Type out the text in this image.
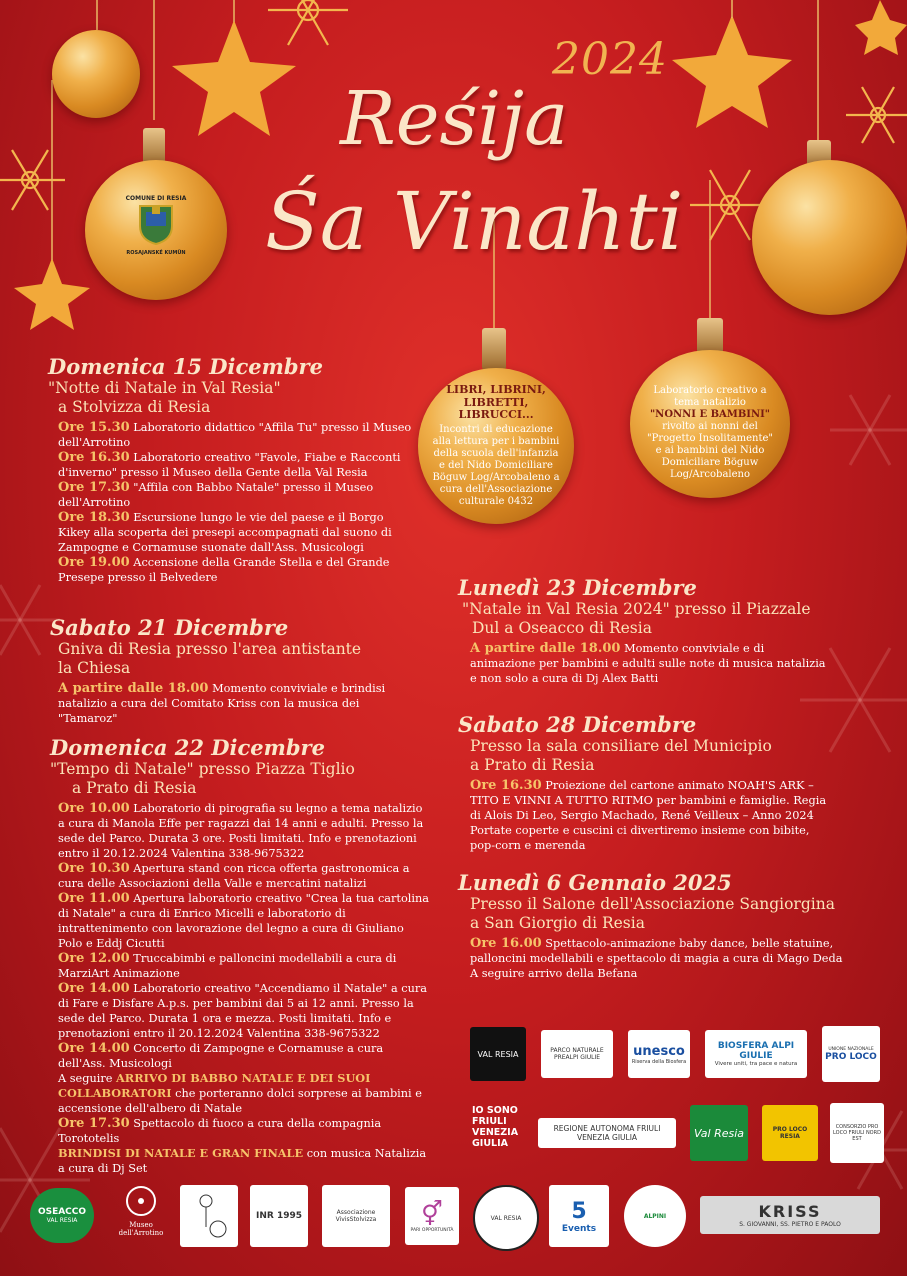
COMUNE DI RESIA
ROSAJANSKÉ KUMÜN
2024
Reśija
Śa Vinahti
LIBRI, LIBRINI, LIBRETTI, LIBRUCCI...
Incontri di educazione alla lettura per i bambini della scuola dell'infanzia e del Nido Domiciliare Böguw Log/Arcobaleno a cura dell'Associazione culturale 0432
Laboratorio creativo a tema natalizio
"NONNI E BAMBINI"
rivolto ai nonni del "Progetto Insolitamente" e ai bambini del Nido Domiciliare Böguw Log/Arcobaleno

Domenica 15 Dicembre

"Notte di Natale in Val Resia"

a Stolvizza di Resia

Ore 15.30 Laboratorio didattico "Affila Tu" presso il Museo dell'Arrotino

Ore 16.30 Laboratorio creativo "Favole, Fiabe e Racconti d'inverno" presso il Museo della Gente della Val Resia

Ore 17.30 "Affila con Babbo Natale" presso il Museo dell'Arrotino

Ore 18.30 Escursione lungo le vie del paese e il Borgo Kikey alla scoperta dei presepi accompagnati dal suono di Zampogne e Cornamuse suonate dall'Ass. Musicologi

Ore 19.00 Accensione della Grande Stella e del Grande Presepe presso il Belvedere

Sabato 21 Dicembre

Gniva di Resia presso l'area antistante

la Chiesa

A partire dalle 18.00 Momento conviviale e brindisi natalizio a cura del Comitato Kriss con la musica dei "Tamaroz"

Domenica 22 Dicembre

"Tempo di Natale" presso Piazza Tiglio

a Prato di Resia

Ore 10.00 Laboratorio di pirografia su legno a tema natalizio a cura di Manola Effe per ragazzi dai 14 anni e adulti. Presso la sede del Parco. Durata 3 ore. Posti limitati. Info e prenotazioni entro il 20.12.2024 Valentina 338-9675322

Ore 10.30 Apertura stand con ricca offerta gastronomica a cura delle Associazioni della Valle e mercatini natalizi

Ore 11.00 Apertura laboratorio creativo "Crea la tua cartolina di Natale" a cura di Enrico Micelli e laboratorio di intrattenimento con lavorazione del legno a cura di Giuliano Polo e Eddj Cicutti

Ore 12.00 Truccabimbi e palloncini modellabili a cura di MarziArt Animazione

Ore 14.00 Laboratorio creativo "Accendiamo il Natale" a cura di Fare e Disfare A.p.s. per bambini dai 5 ai 12 anni. Presso la sede del Parco. Durata 1 ora e mezza. Posti limitati. Info e prenotazioni entro il 20.12.2024 Valentina 338-9675322

Ore 14.00 Concerto di Zampogne e Cornamuse a cura dell'Ass. Musicologi

A seguire ARRIVO DI BABBO NATALE E DEI SUOI COLLABORATORI che porteranno dolci sorprese ai bambini e accensione dell'albero di Natale

Ore 17.30 Spettacolo di fuoco a cura della compagnia Torototelis

BRINDISI DI NATALE E GRAN FINALE con musica Natalizia a cura di Dj Set

Lunedì 23 Dicembre

"Natale in Val Resia 2024" presso il Piazzale

Dul a Oseacco di Resia

A partire dalle 18.00 Momento conviviale e di animazione per bambini e adulti sulle note di musica natalizia e non solo a cura di Dj Alex Batti

Sabato 28 Dicembre

Presso la sala consiliare del Municipio

a Prato di Resia

Ore 16.30 Proiezione del cartone animato NOAH'S ARK – TITO E VINNI A TUTTO RITMO per bambini e famiglie. Regia di Alois Di Leo, Sergio Machado, René Veilleux – Anno 2024 Portate coperte e cuscini ci divertiremo insieme con bibite, pop-corn e merenda

Lunedì 6 Gennaio 2025

Presso il Salone dell'Associazione Sangiorgina

a San Giorgio di Resia

Ore 16.00 Spettacolo-animazione baby dance, belle statuine, palloncini modellabili e spettacolo di magia a cura di Mago Deda A seguire arrivo della Befana

VAL RESIA	PARCO NATURALE PREALPI GIULIE	unesco
Riserva della Biosfera
BIOSFERA ALPI GIULIE
Vivere uniti, tra pace e natura
UNIONE NAZIONALE
PRO LOCO
IO SONO FRIULI VENEZIA GIULIA
REGIONE AUTONOMA FRIULI VENEZIA GIULIA	Val Resia	PRO LOCO RESIA
CONSORZIO PRO LOCO FRIULI NORD EST
OSEACCO
VAL RESIA
Museo dell'Arrotino
INR 1995	Associazione VivisStolvizza	⚥
PARI OPPORTUNITÀ
VAL RESIA 5
Events
ALPINI	KRISS
S. GIOVANNI, SS. PIETRO E PAOLO
